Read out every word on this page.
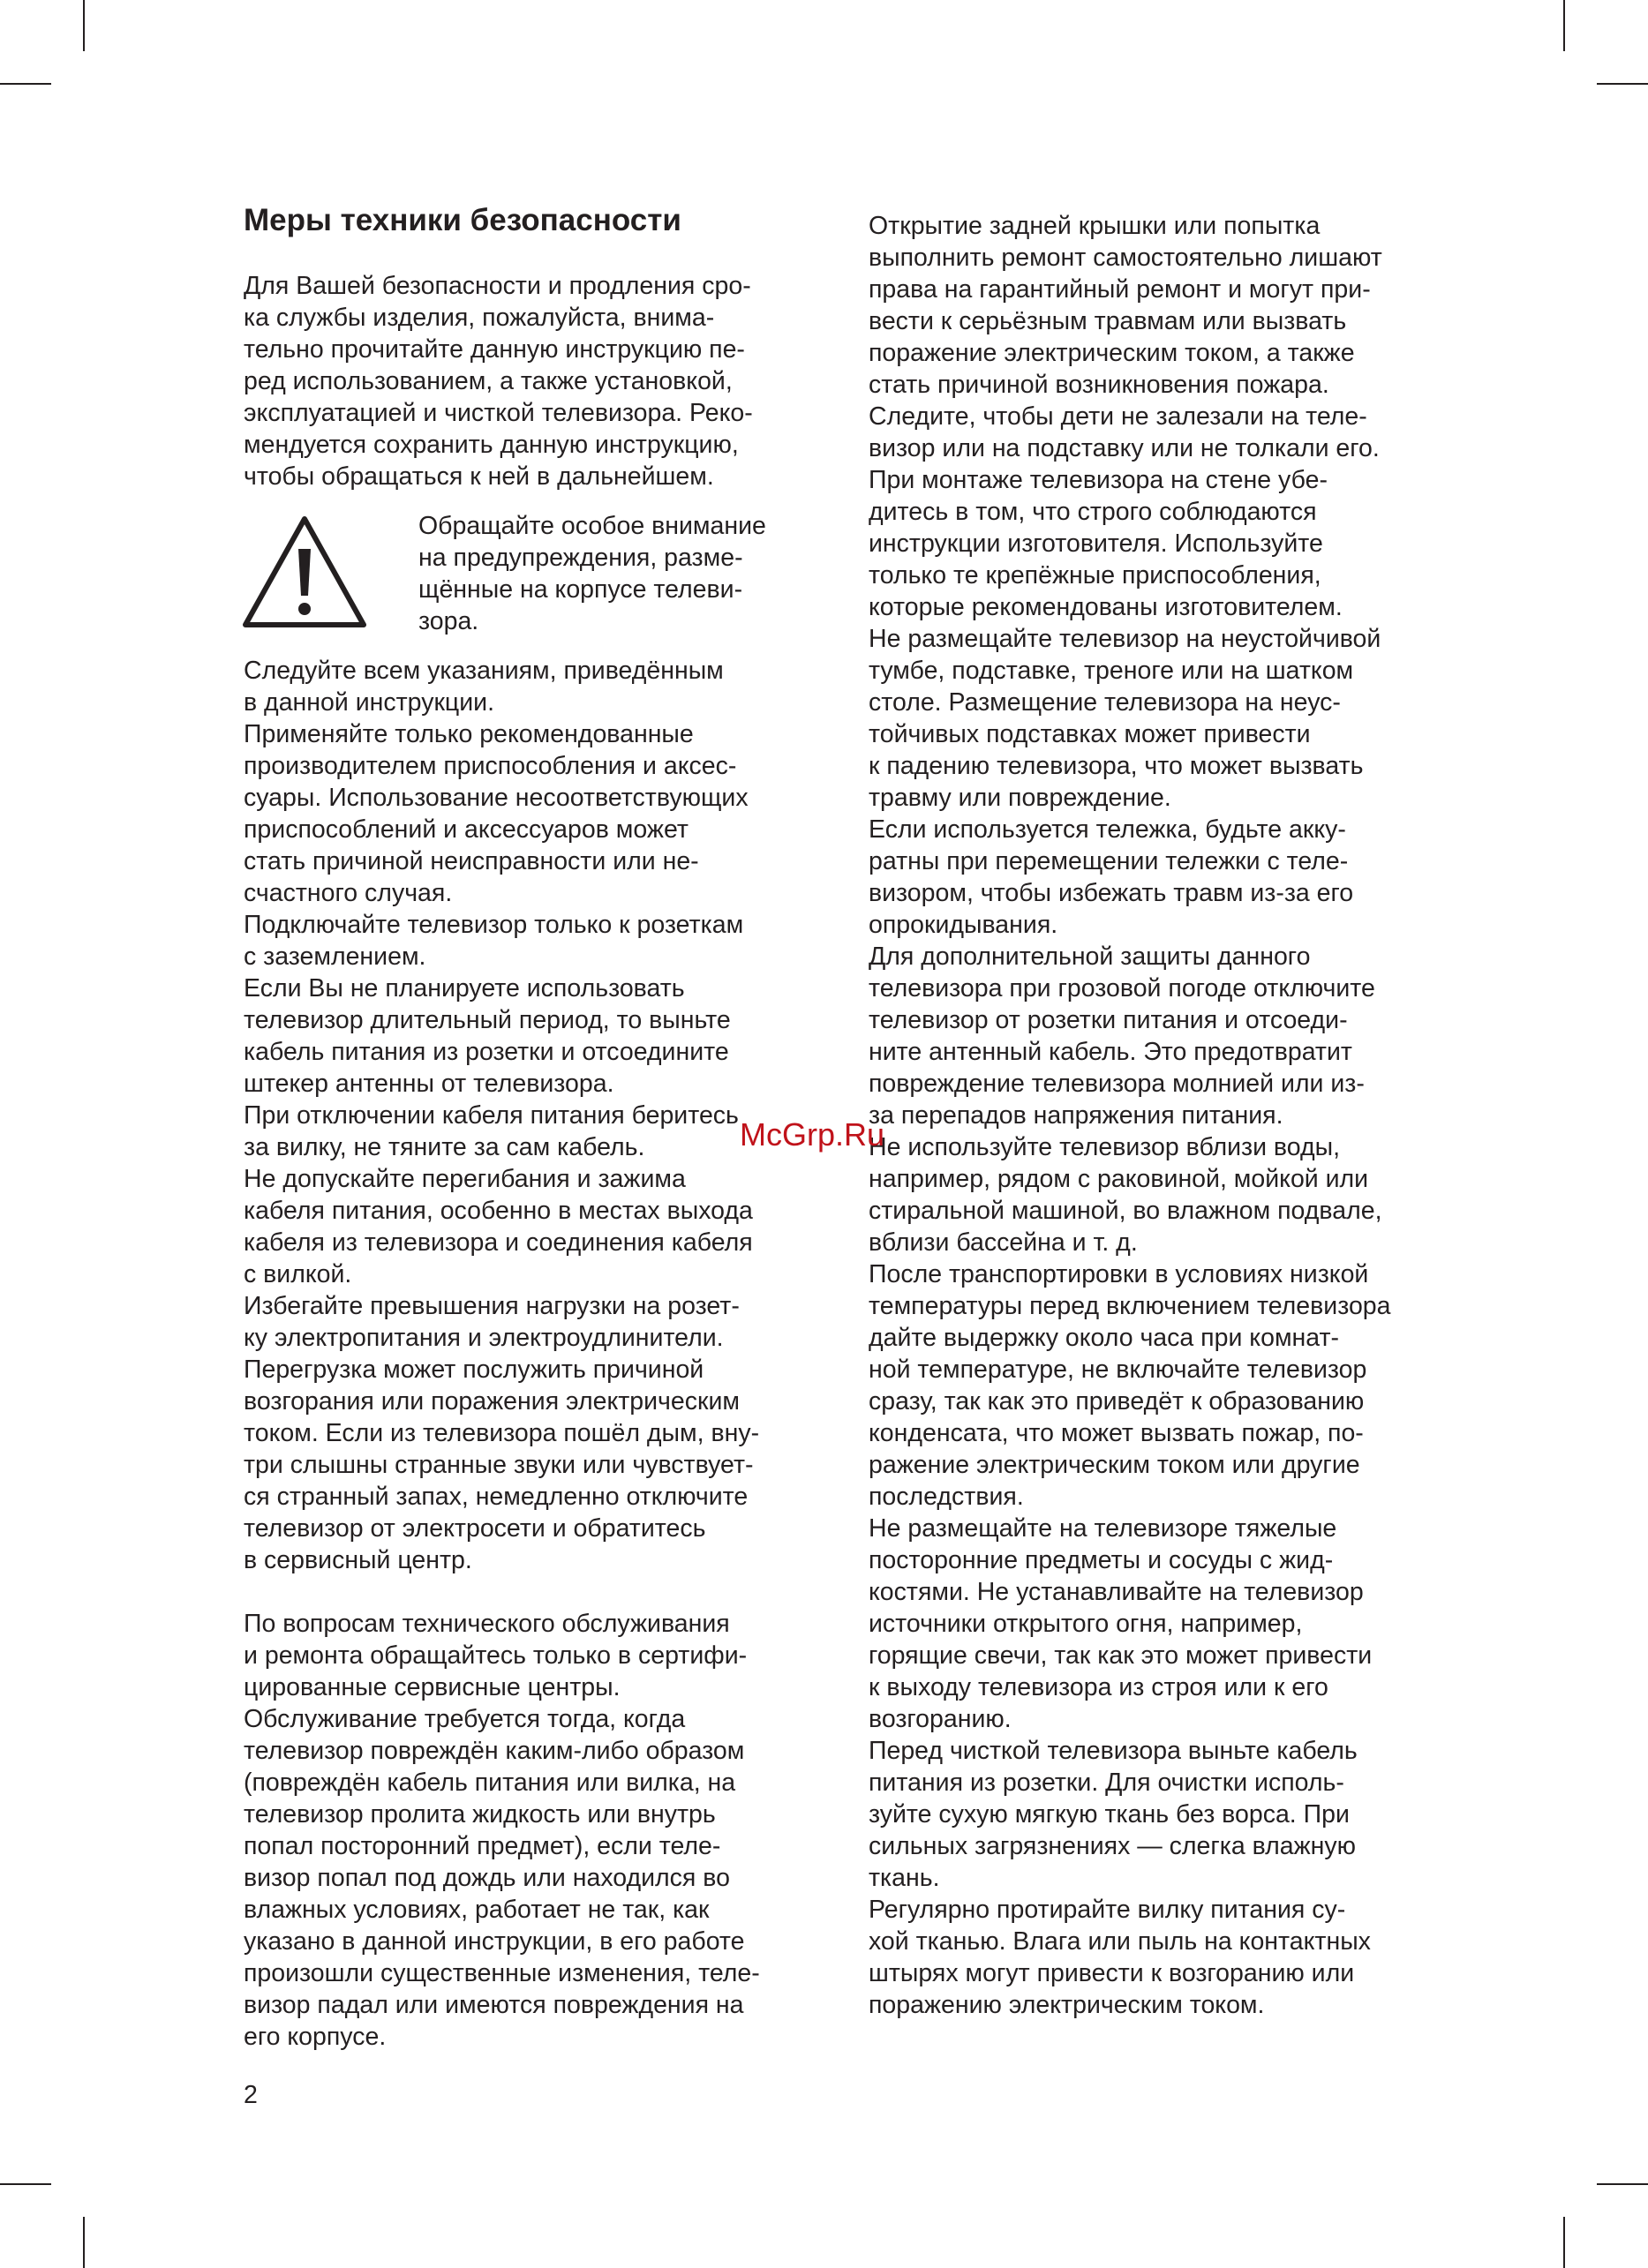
Меры техники безопасности
Для Вашей безопасности и продления сро-
ка службы изделия, пожалуйста, внима-
тельно прочитайте данную инструкцию пе-
ред использованием, а также установкой,
эксплуатацией и чисткой телевизора. Реко-
мендуется сохранить данную инструкцию,
чтобы обращаться к ней в дальнейшем.
Обращайте особое внимание
на предупреждения, разме-
щённые на корпусе телеви-
зора.
Следуйте всем указаниям, приведённым
в данной инструкции.
Применяйте только рекомендованные
производителем приспособления и аксес-
суары. Использование несоответствующих
приспособлений и аксессуаров может
стать причиной неисправности или не-
счастного случая.
Подключайте телевизор только к розеткам
с заземлением.
Если Вы не планируете использовать
телевизор длительный период, то выньте
кабель питания из розетки и отсоедините
штекер антенны от телевизора.
При отключении кабеля питания беритесь
за вилку, не тяните за сам кабель.
Не допускайте перегибания и зажима
кабеля питания, особенно в местах выхода
кабеля из телевизора и соединения кабеля
с вилкой.
Избегайте превышения нагрузки на розет-
ку электропитания и электроудлинители.
Перегрузка может послужить причиной
возгорания или поражения электрическим
током. Если из телевизора пошёл дым, вну-
три слышны странные звуки или чувствует-
ся странный запах, немедленно отключите
телевизор от электросети и обратитесь
в сервисный центр.
По вопросам технического обслуживания
и ремонта обращайтесь только в сертифи-
цированные сервисные центры.
Обслуживание требуется тогда, когда
телевизор повреждён каким-либо образом
(повреждён кабель питания или вилка, на
телевизор пролита жидкость или внутрь
попал посторонний предмет), если теле-
визор попал под дождь или находился во
влажных условиях, работает не так, как
указано в данной инструкции, в его работе
произошли существенные изменения, теле-
визор падал или имеются повреждения на
его корпусе.
Открытие задней крышки или попытка
выполнить ремонт самостоятельно лишают
права на гарантийный ремонт и могут при-
вести к серьёзным травмам или вызвать
поражение электрическим током, а также
стать причиной возникновения пожара.
Следите, чтобы дети не залезали на теле-
визор или на подставку или не толкали его.
При монтаже телевизора на стене убе-
дитесь в том, что строго соблюдаются
инструкции изготовителя. Используйте
только те крепёжные приспособления,
которые рекомендованы изготовителем.
Не размещайте телевизор на неустойчивой
тумбе, подставке, треноге или на шатком
столе. Размещение телевизора на неус-
тойчивых подставках может привести
к падению телевизора, что может вызвать
травму или повреждение.
Если используется тележка, будьте акку-
ратны при перемещении тележки с теле-
визором, чтобы избежать травм из-за его
опрокидывания.
Для дополнительной защиты данного
телевизора при грозовой погоде отключите
телевизор от розетки питания и отсоеди-
ните антенный кабель. Это предотвратит
повреждение телевизора молнией или из-
за перепадов напряжения питания.
Не используйте телевизор вблизи воды,
например, рядом с раковиной, мойкой или
стиральной машиной, во влажном подвале,
вблизи бассейна и т. д.
После транспортировки в условиях низкой
температуры перед включением телевизора
дайте выдержку около часа при комнат-
ной температуре, не включайте телевизор
сразу, так как это приведёт к образованию
конденсата, что может вызвать пожар, по-
ражение электрическим током или другие
последствия.
Не размещайте на телевизоре тяжелые
посторонние предметы и сосуды с жид-
костями. Не устанавливайте на телевизор
источники открытого огня, например,
горящие свечи, так как это может привести
к выходу телевизора из строя или к его
возгоранию.
Перед чисткой телевизора выньте кабель
питания из розетки. Для очистки исполь-
зуйте сухую мягкую ткань без ворса. При
сильных загрязнениях — слегка влажную
ткань.
Регулярно протирайте вилку питания су-
хой тканью. Влага или пыль на контактных
штырях могут привести к возгоранию или
поражению электрическим током.
McGrp.Ru
2
